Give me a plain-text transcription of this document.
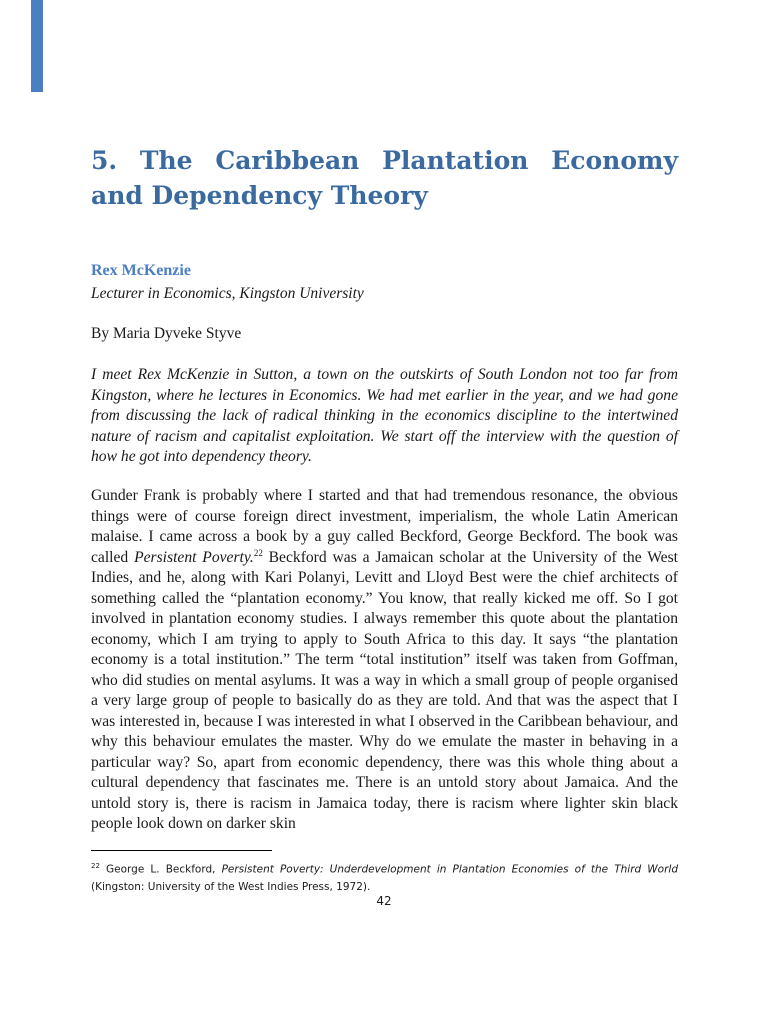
5. The Caribbean Plantation Economy and Dependency Theory

Rex McKenzie

Lecturer in Economics, Kingston University

By Maria Dyveke Styve

I meet Rex McKenzie in Sutton, a town on the outskirts of South London not too far from Kingston, where he lectures in Economics. We had met earlier in the year, and we had gone from discussing the lack of radical thinking in the economics discipline to the intertwined nature of racism and capitalist exploitation. We start off the interview with the question of how he got into dependency theory.

Gunder Frank is probably where I started and that had tremendous resonance, the obvious things were of course foreign direct investment, imperialism, the whole Latin American malaise. I came across a book by a guy called Beckford, George Beckford. The book was called Persistent Poverty.$^{22}$ Beckford was a Jamaican scholar at the University of the West Indies, and he, along with Kari Polanyi, Levitt and Lloyd Best were the chief architects of something called the “plantation economy.” You know, that really kicked me off. So I got involved in plantation economy studies. I always remember this quote about the plantation economy, which I am trying to apply to South Africa to this day. It says “the plantation economy is a total institution.” The term “total institution” itself was taken from Goffman, who did studies on mental asylums. It was a way in which a small group of people organised a very large group of people to basically do as they are told. And that was the aspect that I was interested in, because I was interested in what I observed in the Caribbean behaviour, and why this behaviour emulates the master. Why do we emulate the master in behaving in a particular way? So, apart from economic dependency, there was this whole thing about a cultural dependency that fascinates me. There is an untold story about Jamaica. And the untold story is, there is racism in Jamaica today, there is racism where lighter skin black people look down on darker skin

$^{22}$ George L. Beckford, Persistent Poverty: Underdevelopment in Plantation Economies of the Third World (Kingston: University of the West Indies Press, 1972).

42
